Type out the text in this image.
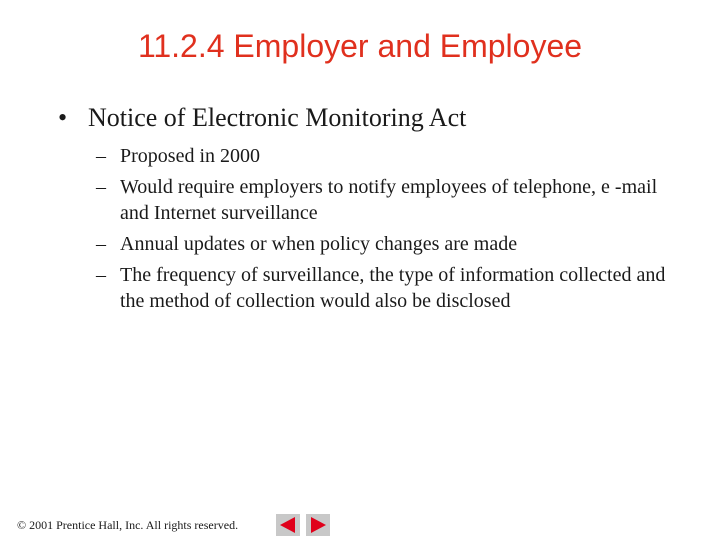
11.2.4 Employer and Employee
• Notice of Electronic Monitoring Act
– Proposed in 2000
– Would require employers to notify employees of telephone, e -mail and Internet surveillance
– Annual updates or when policy changes are made
– The frequency of surveillance, the type of information collected and the method of collection would also be disclosed
© 2001 Prentice Hall, Inc. All rights reserved.
